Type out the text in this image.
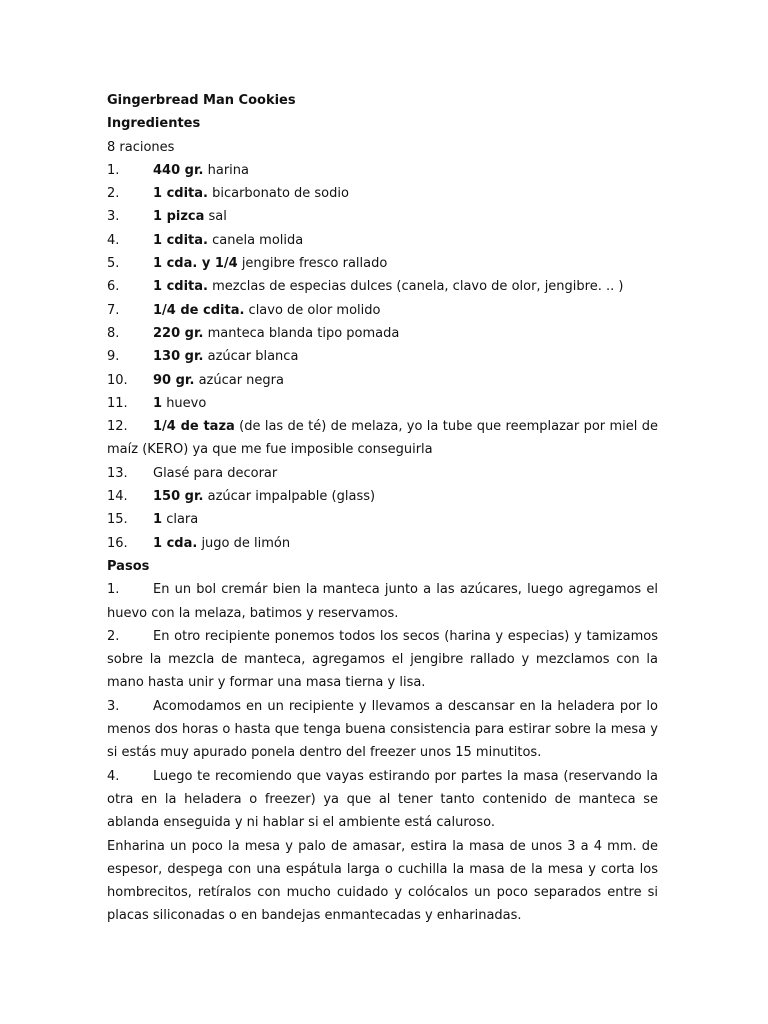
Gingerbread Man Cookies
Ingredientes
8 raciones
1.	440 gr. harina
2.	1 cdita. bicarbonato de sodio
3.	1 pizca sal
4.	1 cdita. canela molida
5.	1 cda. y 1/4 jengibre fresco rallado
6.	1 cdita. mezclas de especias dulces (canela, clavo de olor, jengibre. .. )
7.	1/4 de cdita. clavo de olor molido
8.	220 gr. manteca blanda tipo pomada
9.	130 gr. azúcar blanca
10.	90 gr. azúcar negra
11.	1 huevo
12. 1/4 de taza (de las de té) de melaza, yo la tube que reemplazar por miel de maíz (KERO) ya que me fue imposible conseguirla
13.	Glasé para decorar
14.	150 gr. azúcar impalpable (glass)
15.	1 clara
16.	1 cda. jugo de limón
Pasos
1.	En un bol cremár bien la manteca junto a las azúcares, luego agregamos el huevo con la melaza, batimos y reservamos.
2.	En otro recipiente ponemos todos los secos (harina y especias) y tamizamos sobre la mezcla de manteca, agregamos el jengibre rallado y mezclamos con la mano hasta unir y formar una masa tierna y lisa.
3.	Acomodamos en un recipiente y llevamos a descansar en la heladera por lo menos dos horas o hasta que tenga buena consistencia para estirar sobre la mesa y si estás muy apurado ponela dentro del freezer unos 15 minutitos.
4.	Luego te recomiendo que vayas estirando por partes la masa (reservando la otra en la heladera o freezer) ya que al tener tanto contenido de manteca se ablanda enseguida y ni hablar si el ambiente está caluroso.
Enharina un poco la mesa y palo de amasar, estira la masa de unos 3 a 4 mm. de espesor, despega con una espátula larga o cuchilla la masa de la mesa y corta los hombrecitos, retíralos con mucho cuidado y colócalos un poco separados entre si placas siliconadas o en bandejas enmantecadas y enharinadas.
